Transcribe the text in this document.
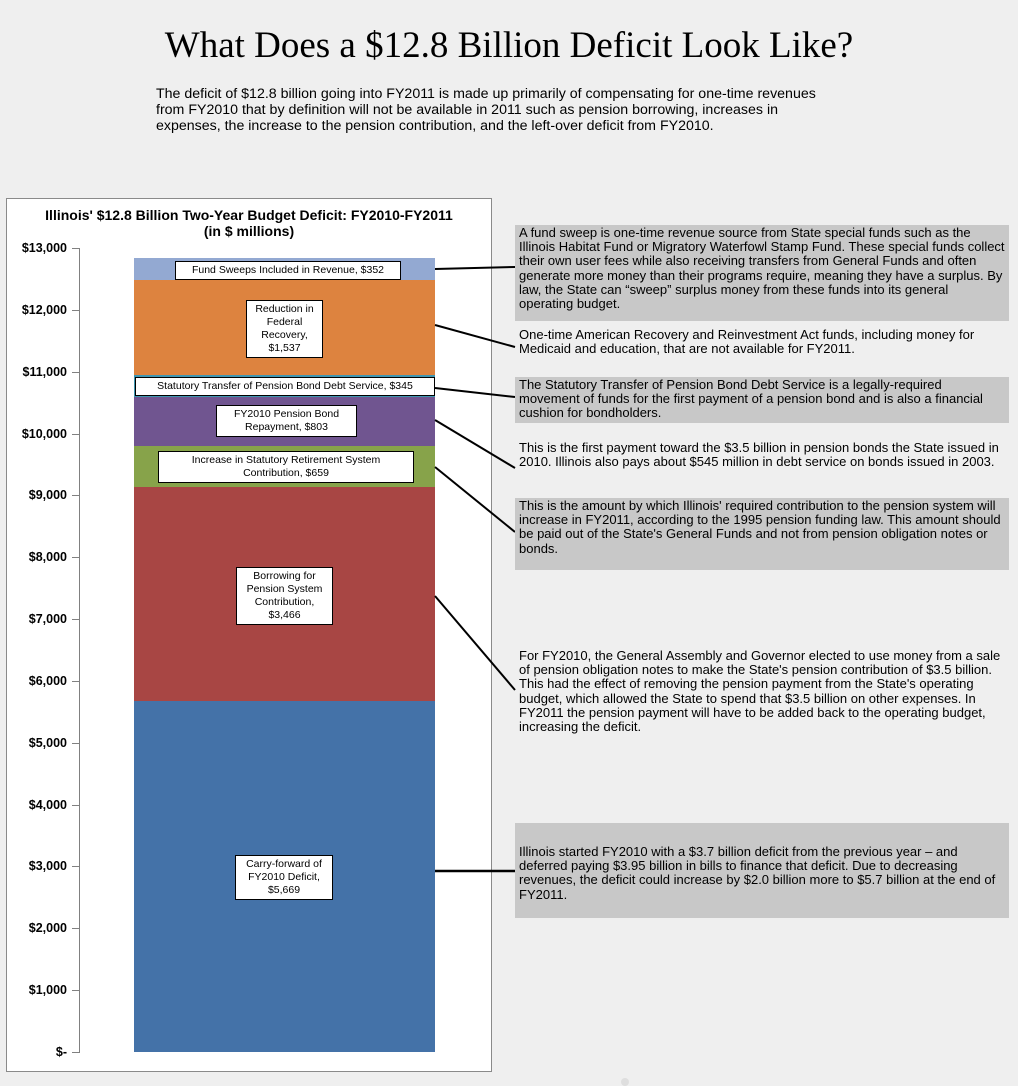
What Does a $12.8 Billion Deficit Look Like?

The deficit of $12.8 billion going into FY2011 is made up primarily of compensating for one-time revenues from FY2010 that by definition will not be available in 2011 such as pension borrowing, increases in expenses, the increase to the pension contribution, and the left-over deficit from FY2010.

Illinois' $12.8 Billion Two-Year Budget Deficit: FY2010-FY2011
(in $ millions)
$-
$1,000
$2,000
$3,000
$4,000
$5,000
$6,000
$7,000
$8,000
$9,000
$10,000
$11,000
$12,000
$13,000
Carry-forward of
FY2010 Deficit,
$5,669
Borrowing for
Pension System
Contribution,
$3,466
Increase in Statutory Retirement System
Contribution, $659
FY2010 Pension Bond
Repayment, $803
Statutory Transfer of Pension Bond Debt Service, $345
Reduction in
Federal
Recovery,
$1,537
Fund Sweeps Included in Revenue, $352
A fund sweep is one-time revenue source from State special funds such as the Illinois Habitat Fund or Migratory Waterfowl Stamp Fund. These special funds collect their own user fees while also receiving transfers from General Funds and often generate more money than their programs require, meaning they have a surplus. By law, the State can “sweep” surplus money from these funds into its general operating budget.
One-time American Recovery and Reinvestment Act funds, including money for Medicaid and education, that are not available for FY2011.
The Statutory Transfer of Pension Bond Debt Service is a legally-required movement of funds for the first payment of a pension bond and is also a financial cushion for bondholders.
This is the first payment toward the $3.5 billion in pension bonds the State issued in 2010. Illinois also pays about $545 million in debt service on bonds issued in 2003.
This is the amount by which Illinois' required contribution to the pension system will increase in FY2011, according to the 1995 pension funding law. This amount should be paid out of the State's General Funds and not from pension obligation notes or bonds.
For FY2010, the General Assembly and Governor elected to use money from a sale of pension obligation notes to make the State's pension contribution of $3.5 billion. This had the effect of removing the pension payment from the State's operating budget, which allowed the State to spend that $3.5 billion on other expenses. In FY2011 the pension payment will have to be added back to the operating budget, increasing the deficit.
Illinois started FY2010 with a $3.7 billion deficit from the previous year – and deferred paying $3.95 billion in bills to finance that deficit. Due to decreasing revenues, the deficit could increase by $2.0 billion more to $5.7 billion at the end of FY2011.
